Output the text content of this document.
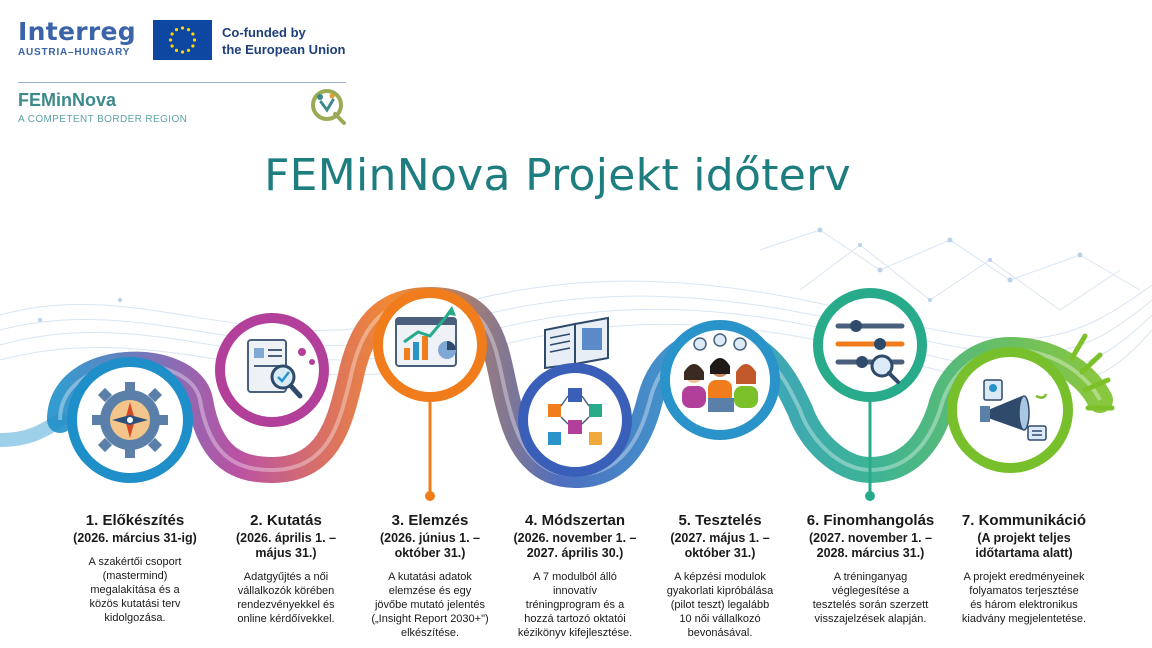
Interreg
AUSTRIA–HUNGARY
Co-funded by
the European Union
FEMinNova
A COMPETENT BORDER REGION
FEMinNova Projekt időterv
1. Előkészítés
(2026. március 31-ig)
A szakértői csoport
(mastermind)
megalakítása és a
közös kutatási terv
kidolgozása.
2. Kutatás
(2026. április 1. –
május 31.)
Adatgyűjtés a női
vállalkozók körében
rendezvényekkel és
online kérdőívekkel.
3. Elemzés
(2026. június 1. –
október 31.)
A kutatási adatok
elemzése és egy
jövőbe mutató jelentés
(„Insight Report 2030+")
elkészítése.
4. Módszertan
(2026. november 1. –
2027. április 30.)
A 7 modulból álló
innovatív
tréningprogram és a
hozzá tartozó oktatói
kézikönyv kifejlesztése.
5. Tesztelés
(2027. május 1. –
október 31.)
A képzési modulok
gyakorlati kipróbálása
(pilot teszt) legalább
10 női vállalkozó
bevonásával.
6. Finomhangolás
(2027. november 1. –
2028. március 31.)
A tréninganyag
véglegesítése a
tesztelés során szerzett
visszajelzések alapján.
7. Kommunikáció
(A projekt teljes
időtartama alatt)
A projekt eredményeinek
folyamatos terjesztése
és három elektronikus
kiadvány megjelentetése.
